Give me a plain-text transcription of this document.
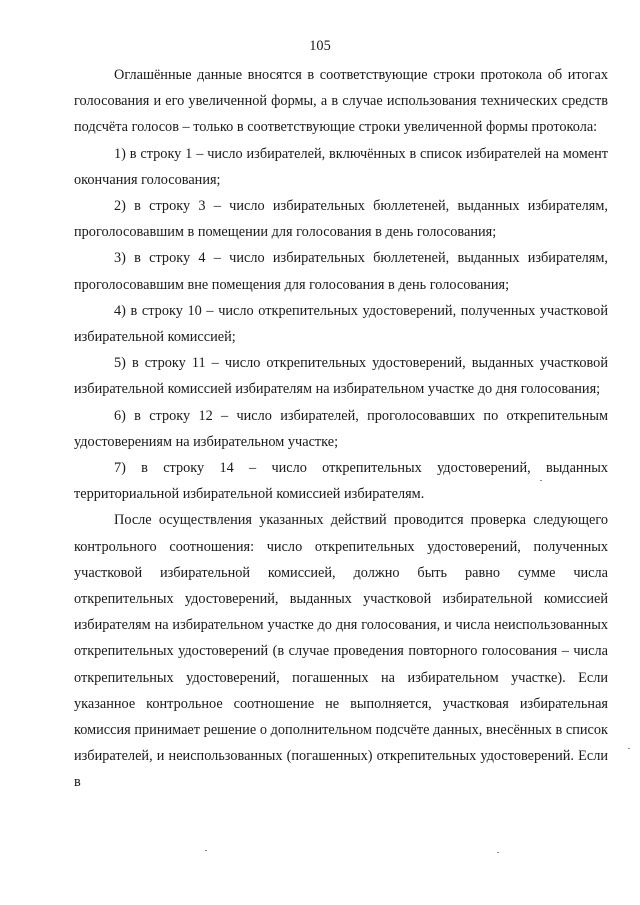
105

Оглашённые данные вносятся в соответствующие строки протокола об итогах голосования и его увеличенной формы, а в случае использования технических средств подсчёта голосов – только в соответствующие строки увеличенной формы протокола:

1) в строку 1 – число избирателей, включённых в список избирателей на момент окончания голосования;

2) в строку 3 – число избирательных бюллетеней, выданных избирателям, проголосовавшим в помещении для голосования в день голосования;

3) в строку 4 – число избирательных бюллетеней, выданных избирателям, проголосовавшим вне помещения для голосования в день голосования;

4) в строку 10 – число открепительных удостоверений, полученных участковой избирательной комиссией;

5) в строку 11 – число открепительных удостоверений, выданных участковой избирательной комиссией избирателям на избирательном участке до дня голосования;

6) в строку 12 – число избирателей, проголосовавших по открепительным удостоверениям на избирательном участке;

7) в строку 14 – число открепительных удостоверений, выданных территориальной избирательной комиссией избирателям.

После осуществления указанных действий проводится проверка следующего контрольного соотношения: число открепительных удостоверений, полученных участковой избирательной комиссией, должно быть равно сумме числа открепительных удостоверений, выданных участковой избирательной комиссией избирателям на избирательном участке до дня голосования, и числа неиспользованных открепительных удостоверений (в случае проведения повторного голосования – числа открепительных удостоверений, погашенных на избирательном участке). Если указанное контрольное соотношение не выполняется, участковая избирательная комиссия принимает решение о дополнительном подсчёте данных, внесённых в список избирателей, и неиспользованных (погашенных) открепительных удостоверений. Если в
